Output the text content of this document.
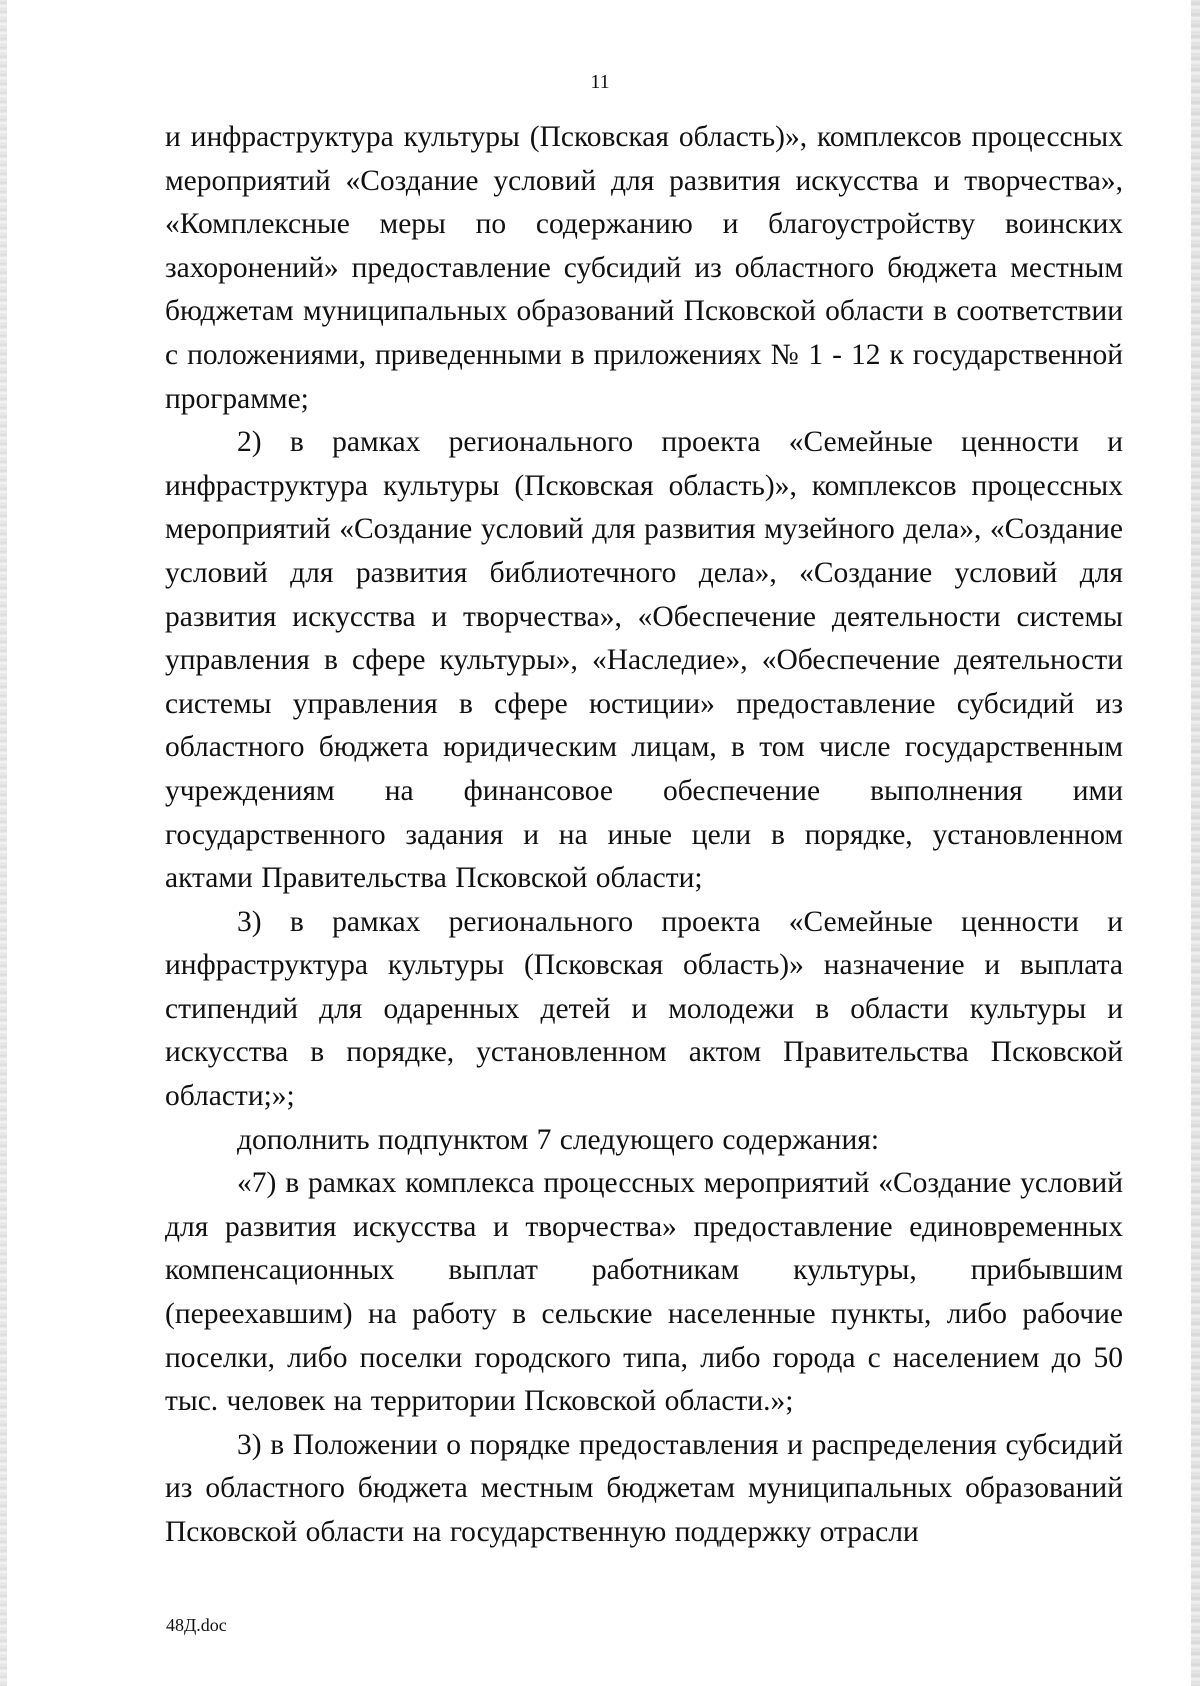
11

и инфраструктура культуры (Псковская область)», комплексов процессных мероприятий «Создание условий для развития искусства и творчества», «Комплексные меры по содержанию и благоустройству воинских захоронений» предоставление субсидий из областного бюджета местным бюджетам муниципальных образований Псковской области в соответствии с положениями, приведенными в приложениях № 1 - 12 к государственной программе;

2) в рамках регионального проекта «Семейные ценности и инфраструктура культуры (Псковская область)», комплексов процессных мероприятий «Создание условий для развития музейного дела», «Создание условий для развития библиотечного дела», «Создание условий для развития искусства и творчества», «Обеспечение деятельности системы управления в сфере культуры», «Наследие», «Обеспечение деятельности системы управления в сфере юстиции» предоставление субсидий из областного бюджета юридическим лицам, в том числе государственным учреждениям на финансовое обеспечение выполнения ими государственного задания и на иные цели в порядке, установленном актами Правительства Псковской области;

3) в рамках регионального проекта «Семейные ценности и инфраструктура культуры (Псковская область)» назначение и выплата стипендий для одаренных детей и молодежи в области культуры и искусства в порядке, установленном актом Правительства Псковской области;»;

дополнить подпунктом 7 следующего содержания:

«7) в рамках комплекса процессных мероприятий «Создание условий для развития искусства и творчества» предоставление единовременных компенсационных выплат работникам культуры, прибывшим (переехавшим) на работу в сельские населенные пункты, либо рабочие поселки, либо поселки городского типа, либо города с населением до 50 тыс. человек на территории Псковской области.»;

3) в Положении о порядке предоставления и распределения субсидий из областного бюджета местным бюджетам муниципальных образований Псковской области на государственную поддержку отрасли

48Д.doc
